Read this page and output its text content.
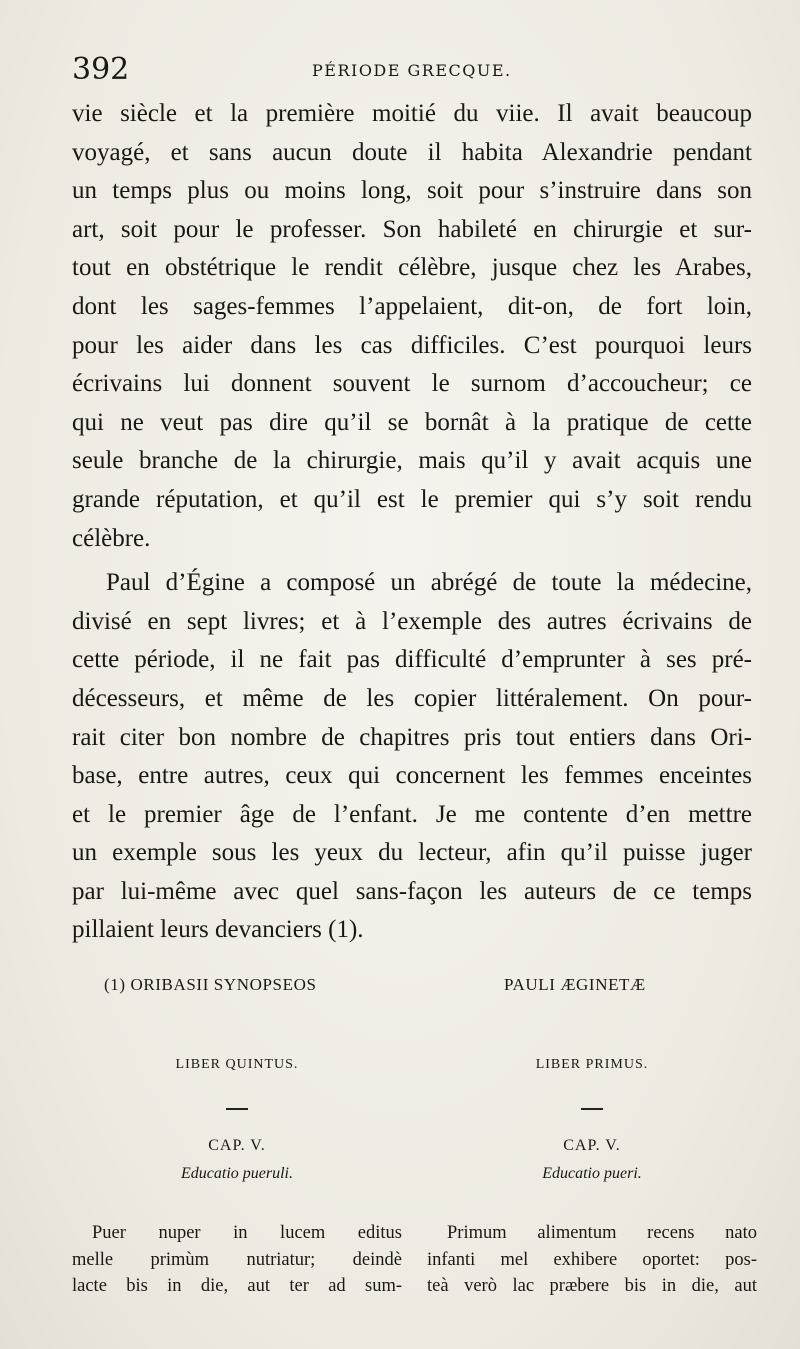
392	PÉRIODE GRECQUE.
vie siècle et la première moitié du viie. Il avait beaucoup
voyagé, et sans aucun doute il habita Alexandrie pendant
un temps plus ou moins long, soit pour s’instruire dans son
art, soit pour le professer. Son habileté en chirurgie et sur-
tout en obstétrique le rendit célèbre, jusque chez les Arabes,
dont les sages-femmes l’appelaient, dit-on, de fort loin,
pour les aider dans les cas difficiles. C’est pourquoi leurs
écrivains lui donnent souvent le surnom d’accoucheur; ce
qui ne veut pas dire qu’il se bornât à la pratique de cette
seule branche de la chirurgie, mais qu’il y avait acquis une
grande réputation, et qu’il est le premier qui s’y soit rendu
célèbre.
Paul d’Égine a composé un abrégé de toute la médecine,
divisé en sept livres; et à l’exemple des autres écrivains de
cette période, il ne fait pas difficulté d’emprunter à ses pré-
décesseurs, et même de les copier littéralement. On pour-
rait citer bon nombre de chapitres pris tout entiers dans Ori-
base, entre autres, ceux qui concernent les femmes enceintes
et le premier âge de l’enfant. Je me contente d’en mettre
un exemple sous les yeux du lecteur, afin qu’il puisse juger
par lui-même avec quel sans-façon les auteurs de ce temps
pillaient leurs devanciers (1).
(1) ORIBASII SYNOPSEOS	PAULI ÆGINETÆ
LIBER QUINTUS.
CAP. V.
Educatio pueruli.
Puer nuper in lucem editus
melle primùm nutriatur; deindè
lacte bis in die, aut ter ad sum-
LIBER PRIMUS.
CAP. V.
Educatio pueri.
Primum alimentum recens nato
infanti mel exhibere oportet: pos-
teà verò lac præbere bis in die, aut
